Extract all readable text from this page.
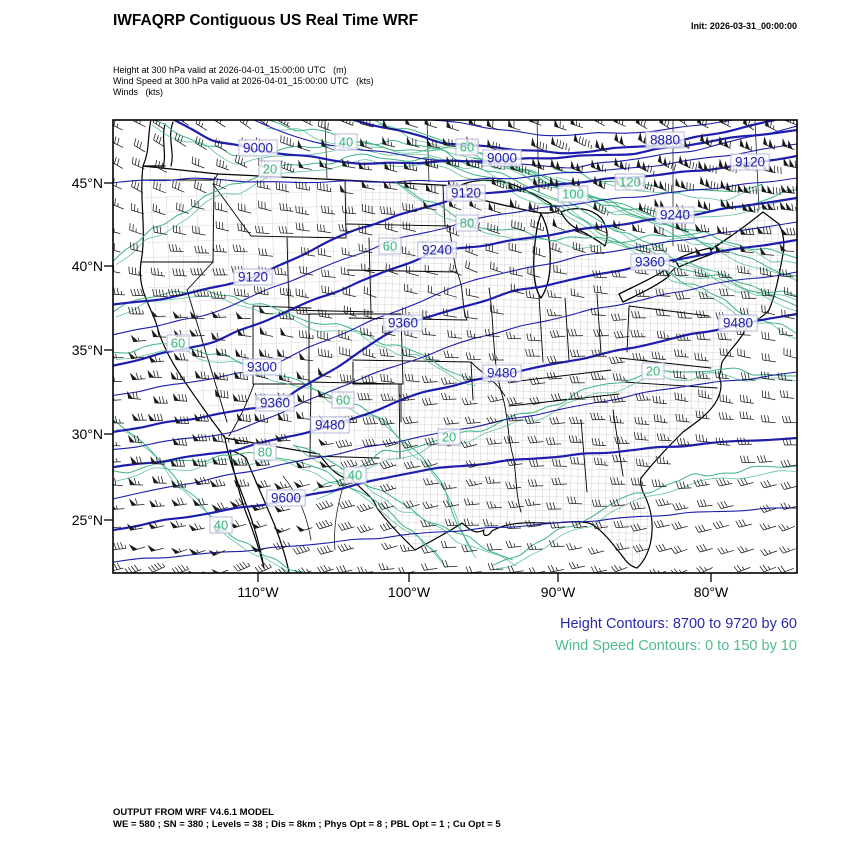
IWFAQRP Contiguous US Real Time WRF	Init: 2026-03-31_00:00:00
Height at 300 hPa valid at 2026-04-01_15:00:00 UTC   (m)
Wind Speed at 300 hPa valid at 2026-04-01_15:00:00 UTC   (kts)
Winds   (kts)
20
40	60
100
120
80
60
60
60
80
40
40
20
20
8880
9000
9000
9120
9120
9120
9240
9240
9300
9360
9360
9360
9480
9480
9480
9600
Height Contours: 8700 to 9720 by 60
Wind Speed Contours: 0 to 150 by 10
OUTPUT FROM WRF V4.6.1 MODEL
WE = 580 ; SN = 380 ; Levels = 38 ; Dis = 8km ; Phys Opt = 8 ; PBL Opt = 1 ; Cu Opt = 5
110°W	100°W	90°W	80°W
45°N
40°N
35°N
30°N
25°N
